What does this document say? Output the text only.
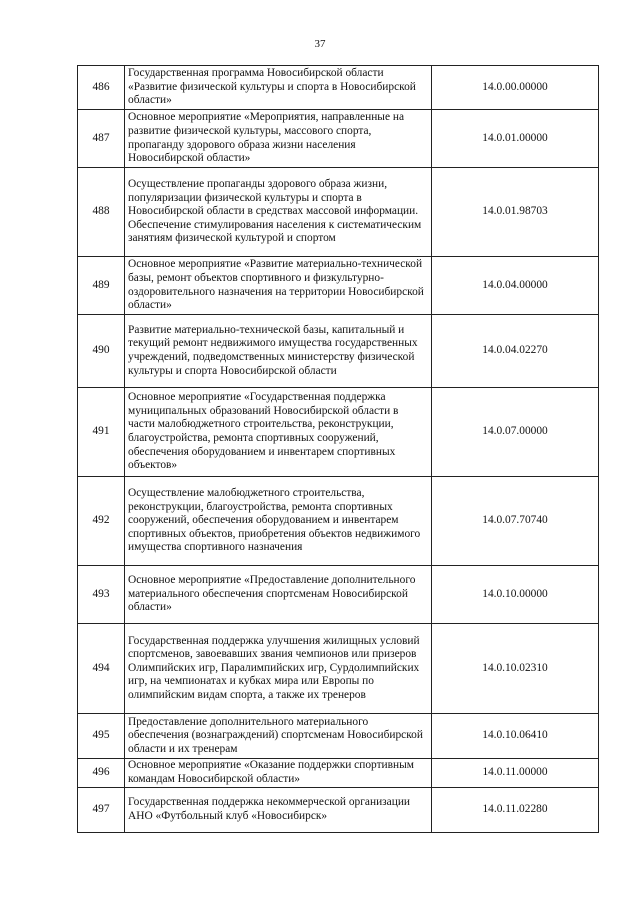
37
486	Государственная программа Новосибирской области «Развитие физической культуры и спорта в Новосибирской области»	14.0.00.00000
487	Основное мероприятие «Мероприятия, направленные на развитие физической культуры, массового спорта, пропаганду здорового образа жизни населения Новосибирской области»	14.0.01.00000
488	Осуществление пропаганды здорового образа жизни, популяризации физической культуры и спорта в Новосибирской области в средствах массовой информации. Обеспечение стимулирования населения к систематическим занятиям физической культурой и спортом	14.0.01.98703
489	Основное мероприятие «Развитие материально-технической базы, ремонт объектов спортивного и физкультурно-оздоровительного назначения на территории Новосибирской области»	14.0.04.00000
490	Развитие материально-технической базы, капитальный и текущий ремонт недвижимого имущества государственных учреждений, подведомственных министерству физической культуры и спорта Новосибирской области	14.0.04.02270
491	Основное мероприятие «Государственная поддержка муниципальных образований Новосибирской области в части малобюджетного строительства, реконструкции, благоустройства, ремонта спортивных сооружений, обеспечения оборудованием и инвентарем спортивных объектов»	14.0.07.00000
492	Осуществление малобюджетного строительства, реконструкции, благоустройства, ремонта спортивных сооружений, обеспечения оборудованием и инвентарем спортивных объектов, приобретения объектов недвижимого имущества спортивного назначения	14.0.07.70740
493	Основное мероприятие «Предоставление дополнительного материального обеспечения спортсменам Новосибирской области»	14.0.10.00000
494	Государственная поддержка улучшения жилищных условий спортсменов, завоевавших звания чемпионов или призеров Олимпийских игр, Паралимпийских игр, Сурдолимпийских игр, на чемпионатах и кубках мира или Европы по олимпийским видам спорта, а также их тренеров	14.0.10.02310
495	Предоставление дополнительного материального обеспечения (вознаграждений) спортсменам Новосибирской области и их тренерам	14.0.10.06410
496	Основное мероприятие «Оказание поддержки спортивным командам Новосибирской области»	14.0.11.00000
497	Государственная поддержка некоммерческой организации АНО «Футбольный клуб «Новосибирск»	14.0.11.02280
